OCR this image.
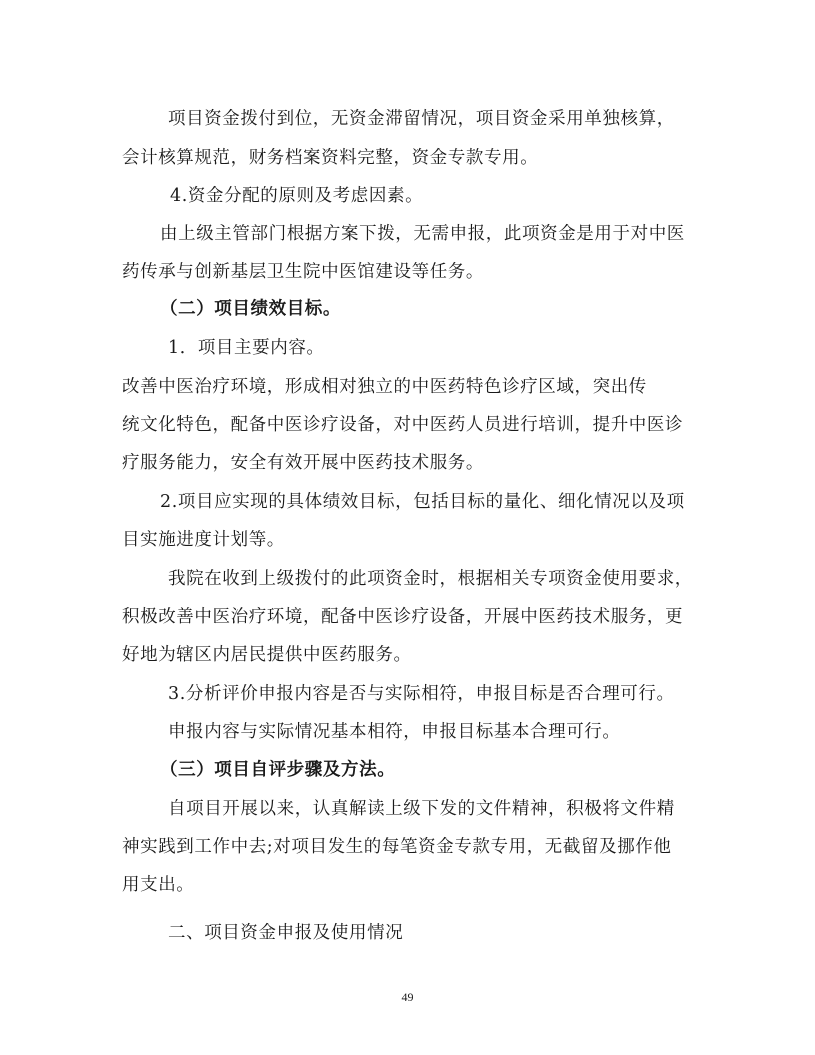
项目资金拨付到位，无资金滞留情况，项目资金采用单独核算，
会计核算规范，财务档案资料完整，资金专款专用。
4.资金分配的原则及考虑因素。
由上级主管部门根据方案下拨，无需申报，此项资金是用于对中医
药传承与创新基层卫生院中医馆建设等任务。
（二）项目绩效目标。
1．项目主要内容。
改善中医治疗环境，形成相对独立的中医药特色诊疗区域，突出传
统文化特色，配备中医诊疗设备，对中医药人员进行培训，提升中医诊
疗服务能力，安全有效开展中医药技术服务。
2.项目应实现的具体绩效目标，包括目标的量化、细化情况以及项
目实施进度计划等。
我院在收到上级拨付的此项资金时，根据相关专项资金使用要求，
积极改善中医治疗环境，配备中医诊疗设备，开展中医药技术服务，更
好地为辖区内居民提供中医药服务。
3.分析评价申报内容是否与实际相符，申报目标是否合理可行。
申报内容与实际情况基本相符，申报目标基本合理可行。
（三）项目自评步骤及方法。
自项目开展以来，认真解读上级下发的文件精神，积极将文件精
神实践到工作中去;对项目发生的每笔资金专款专用，无截留及挪作他
用支出。
二、项目资金申报及使用情况
49
